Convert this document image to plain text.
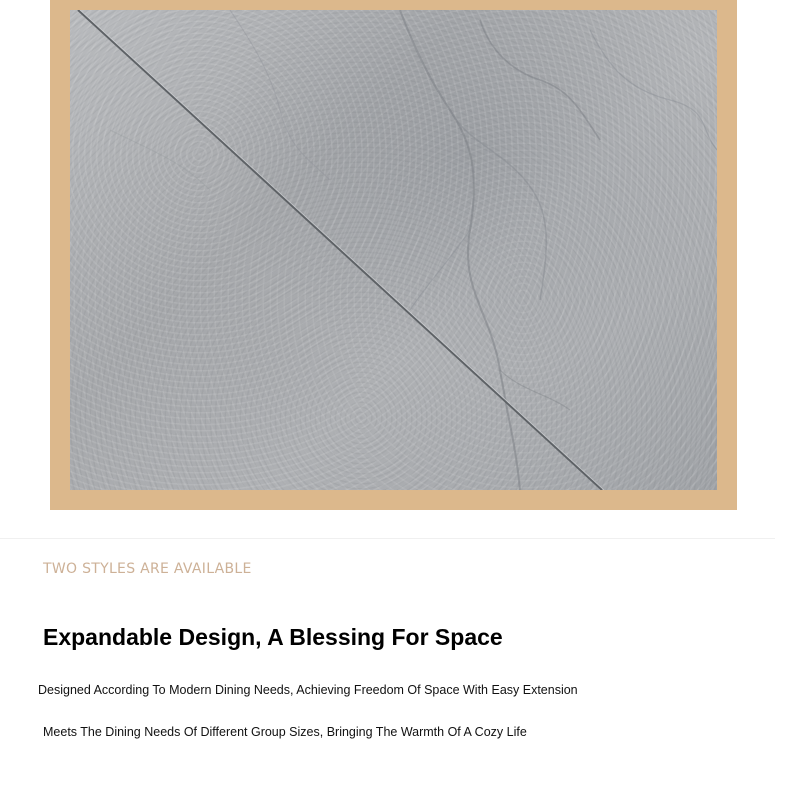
TWO STYLES ARE AVAILABLE
Expandable Design, A Blessing For Space
Designed According To Modern Dining Needs, Achieving Freedom Of Space With Easy Extension
Meets The Dining Needs Of Different Group Sizes, Bringing The Warmth Of A Cozy Life
